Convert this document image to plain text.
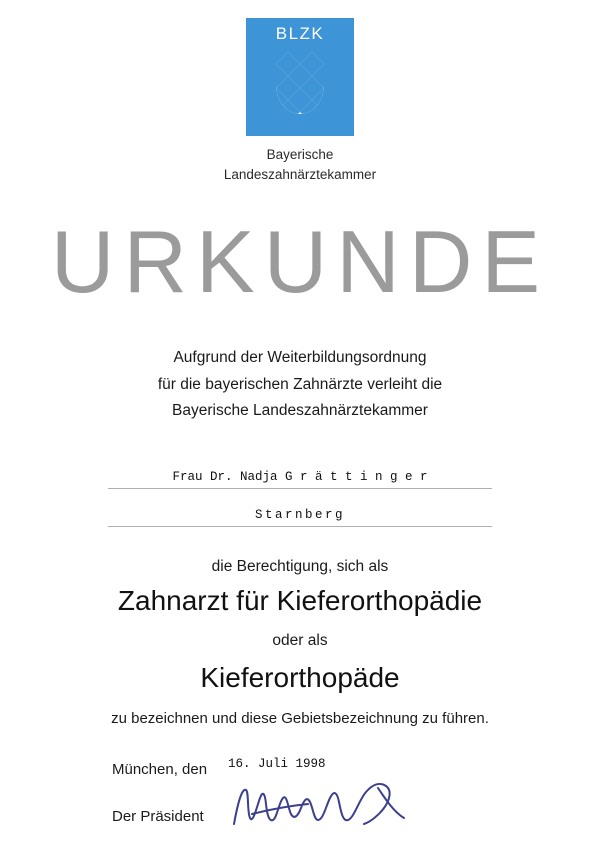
BLZK
Bayerische
Landeszahnärztekammer
URKUNDE
Aufgrund der Weiterbildungsordnung
für die bayerischen Zahnärzte verleiht die
Bayerische Landeszahnärztekammer
Frau Dr. Nadja G r ä t t i n g e r
Starnberg
die Berechtigung, sich als
Zahnarzt für Kieferorthopädie
oder als
Kieferorthopäde
zu bezeichnen und diese Gebietsbezeichnung zu führen.
München, den 16. Juli 1998
Der Präsident
